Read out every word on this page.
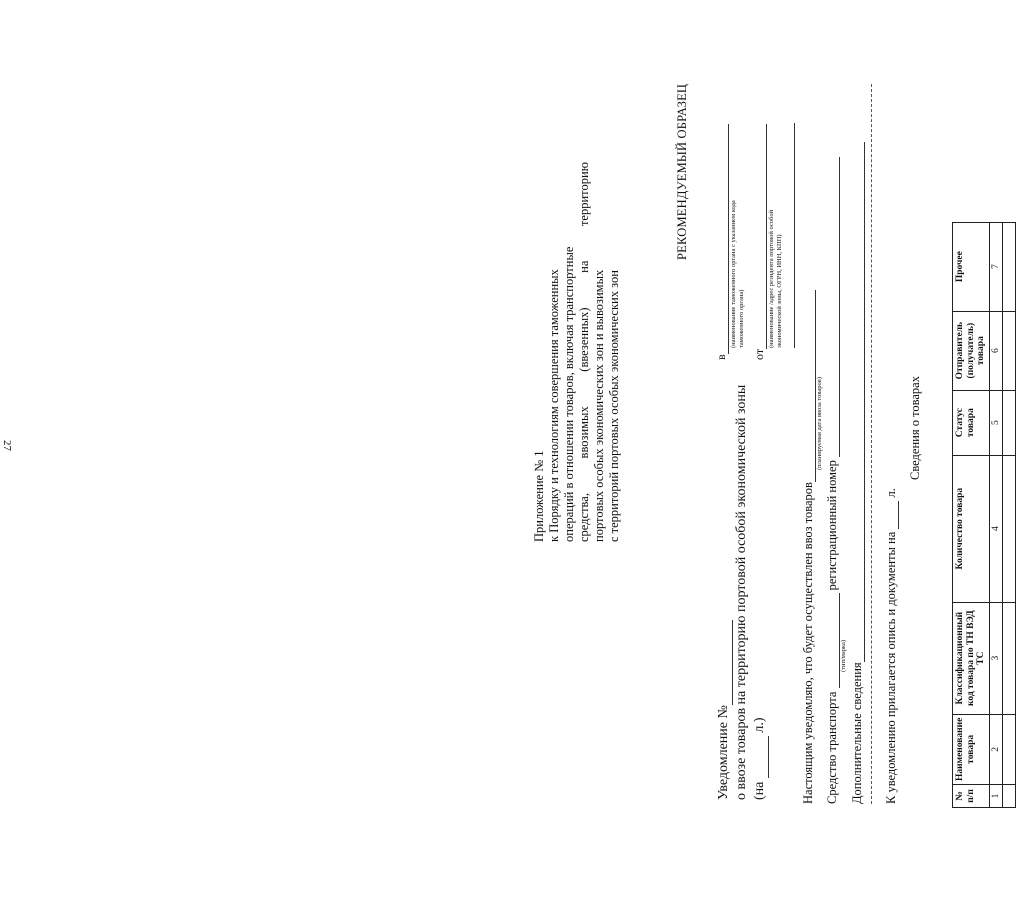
27
Приложение № 1 к Порядку и технологиям совершения таможенных операций в отношении товаров, включая транспортные средства,
ввозимых
(ввезенных)
на
территорию
портовых особых экономических зон и вывозимых с территорий портовых особых экономических зон
РЕКОМЕНДУЕМЫЙ ОБРАЗЕЦ
в
(наименование таможенного органа с указанием кода таможенного органа)
от
(наименование /адрес резидента портовой особой экономической зоны, ОГРН, ИНН, КПП)
Уведомление № о ввозе товаров на территорию портовой особой экономической зоны (на  л.)	Настоящим уведомляю, что будет осуществлен ввоз товаров
(планируемая дата ввоза товаров)
Средство транспорта  регистрационный номер
(тип/марка)
Дополнительные сведения К уведомлению прилагается опись и документы на  л.
Сведения о товарах
№ п/п	Наименование товара	Классификационный код товара по ТН ВЭД ТС	Количество товара	Статус товара	Отправитель (получатель) товара	Прочее
1	2	3	4	5	6	7
